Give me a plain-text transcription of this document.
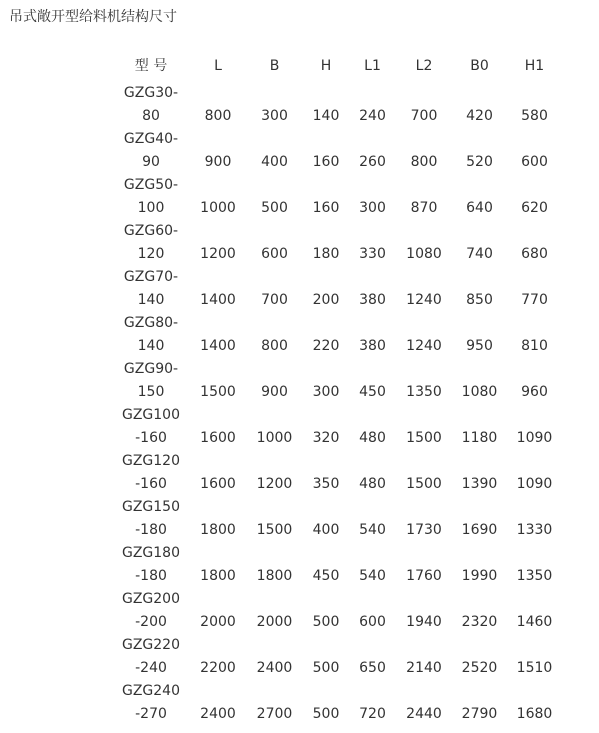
吊式敞开型给料机结构尺寸
型 号	L	B	H	L1	L2	B0	H1

GZG30-
80	800	300	140	240	700	420	580

GZG40-
90	900	400	160	260	800	520	600

GZG50-
100	1000	500	160	300	870	640	620

GZG60-
120	1200	600	180	330	1080	740	680

GZG70-
140	1400	700	200	380	1240	850	770

GZG80-
140	1400	800	220	380	1240	950	810

GZG90-
150	1500	900	300	450	1350	1080	960

GZG100
-160	1600	1000	320	480	1500	1180	1090

GZG120
-160	1600	1200	350	480	1500	1390	1090

GZG150
-180	1800	1500	400	540	1730	1690	1330

GZG180
-180	1800	1800	450	540	1760	1990	1350

GZG200
-200	2000	2000	500	600	1940	2320	1460

GZG220
-240	2200	2400	500	650	2140	2520	1510

GZG240
-270	2400	2700	500	720	2440	2790	1680
